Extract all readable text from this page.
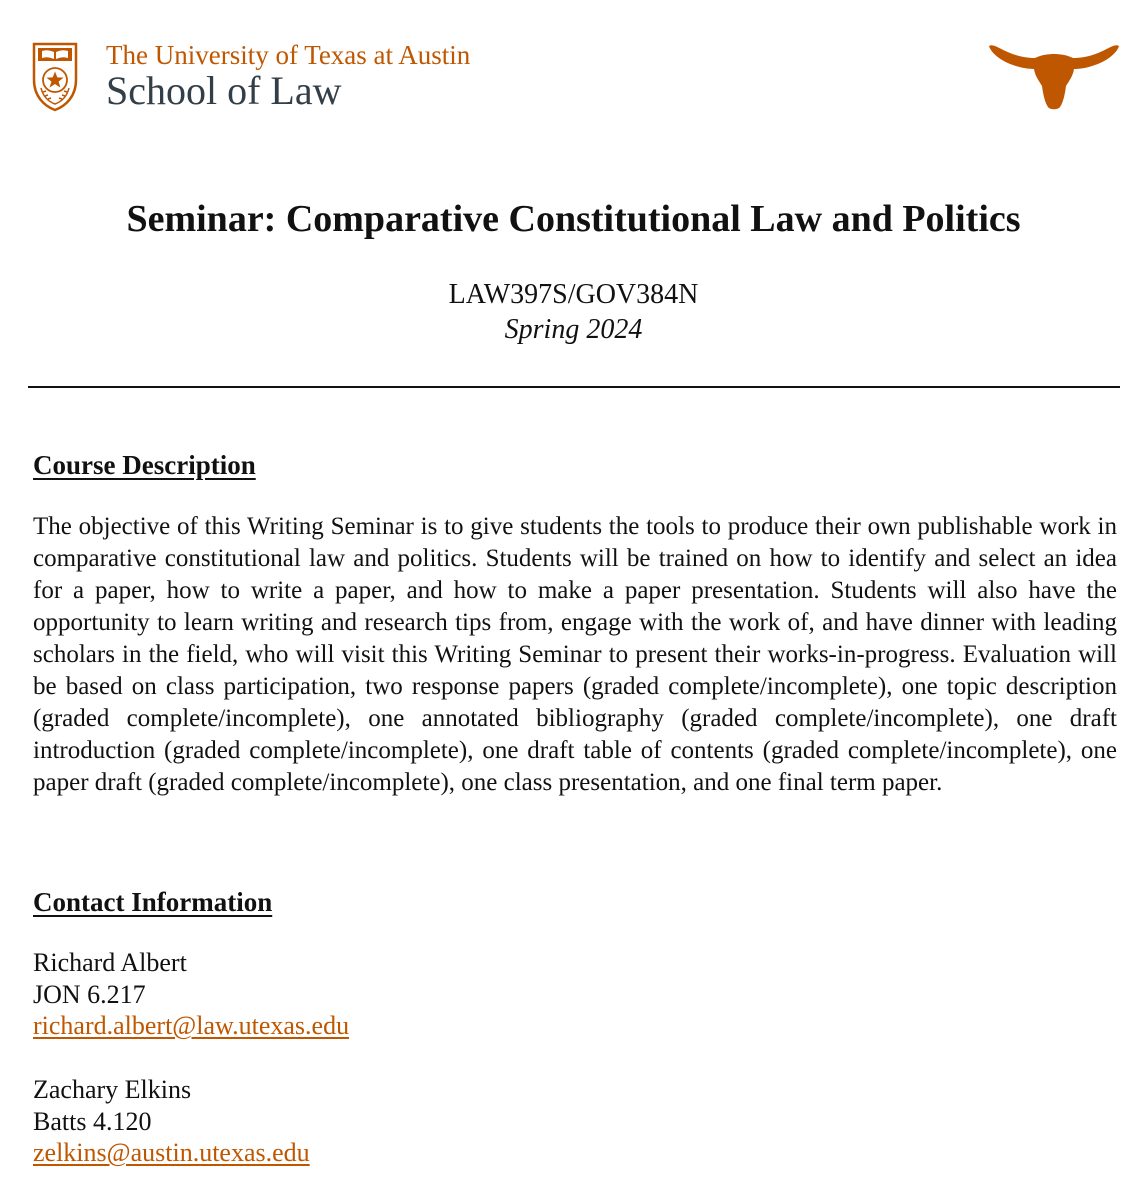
The University of Texas at Austin
School of Law
Seminar: Comparative Constitutional Law and Politics
LAW397S/GOV384N
Spring 2024
Course Description

The objective of this Writing Seminar is to give students the tools to produce their own publishable work in comparative constitutional law and politics. Students will be trained on how to identify and select an idea for a paper, how to write a paper, and how to make a paper presentation. Students will also have the opportunity to learn writing and research tips from, engage with the work of, and have dinner with leading scholars in the field, who will visit this Writing Seminar to present their works-in-progress. Evaluation will be based on class participation, two response papers (graded complete/incomplete), one topic description (graded complete/incomplete), one annotated bibliography (graded complete/incomplete), one draft introduction (graded complete/incomplete), one draft table of contents (graded complete/incomplete), one paper draft (graded complete/incomplete), one class presentation, and one final term paper.

Contact Information
Richard Albert
JON 6.217
richard.albert@law.utexas.edu
Zachary Elkins
Batts 4.120
zelkins@austin.utexas.edu
